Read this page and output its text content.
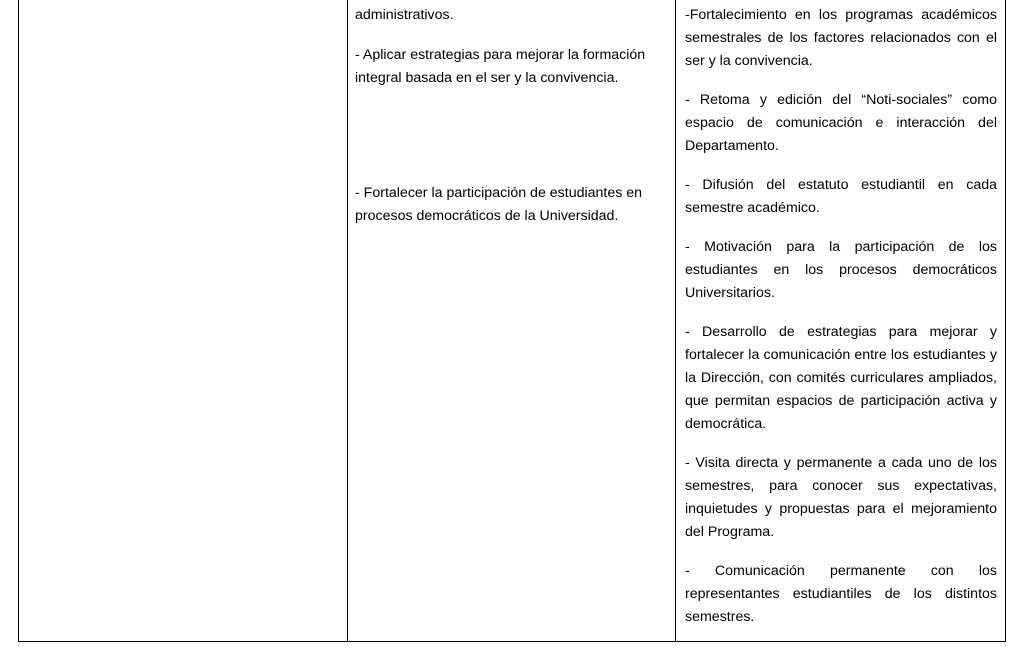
administrativos.

- Aplicar estrategias para mejorar la formación integral basada en el ser y la convivencia.

- Fortalecer la participación de estudiantes en procesos democráticos de la Universidad.

-Fortalecimiento en los programas académicos semestrales de los factores relacionados con el ser y la convivencia.

- Retoma y edición del “Noti-sociales” como espacio de comunicación e interacción del Departamento.

- Difusión del estatuto estudiantil en cada semestre académico.

- Motivación para la participación de los estudiantes en los procesos democráticos Universitarios.

- Desarrollo de estrategias para mejorar y fortalecer la comunicación entre los estudiantes y la Dirección, con comités curriculares ampliados, que permitan espacios de participación activa y democrática.

- Visita directa y permanente a cada uno de los semestres, para conocer sus expectativas, inquietudes y propuestas para el mejoramiento del Programa.

- Comunicación permanente con los representantes estudiantiles de los distintos semestres.
